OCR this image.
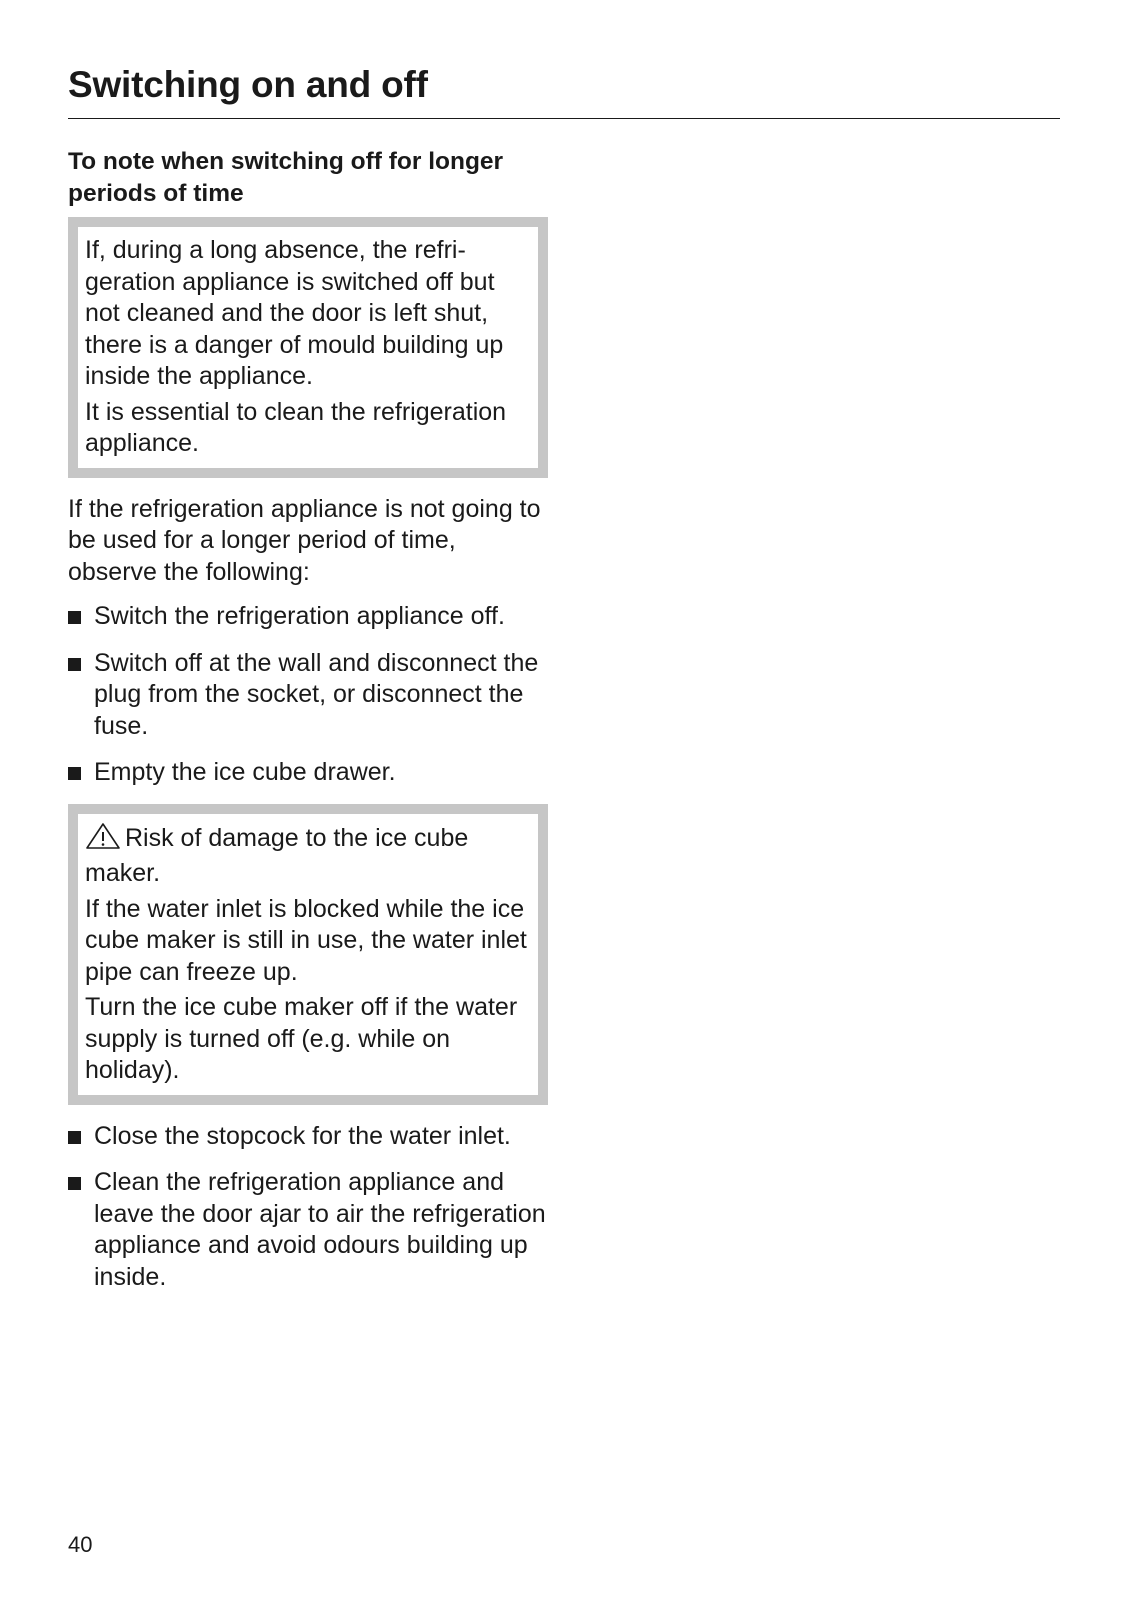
Switching on and off
To note when switching off for longer periods of time

If, during a long absence, the refrigeration appliance is switched off but not cleaned and the door is left shut, there is a danger of mould building up inside the appliance.

It is essential to clean the refrigeration appliance.

If the refrigeration appliance is not going to be used for a longer period of time, observe the following:

Switch the refrigeration appliance off.
Switch off at the wall and disconnect the plug from the socket, or disconnect the fuse.
Empty the ice cube drawer.

Risk of damage to the ice cube maker.

If the water inlet is blocked while the ice cube maker is still in use, the water inlet pipe can freeze up.

Turn the ice cube maker off if the water supply is turned off (e.g. while on holiday).

Close the stopcock for the water inlet.
Clean the refrigeration appliance and leave the door ajar to air the refrigeration appliance and avoid odours building up inside.
40
